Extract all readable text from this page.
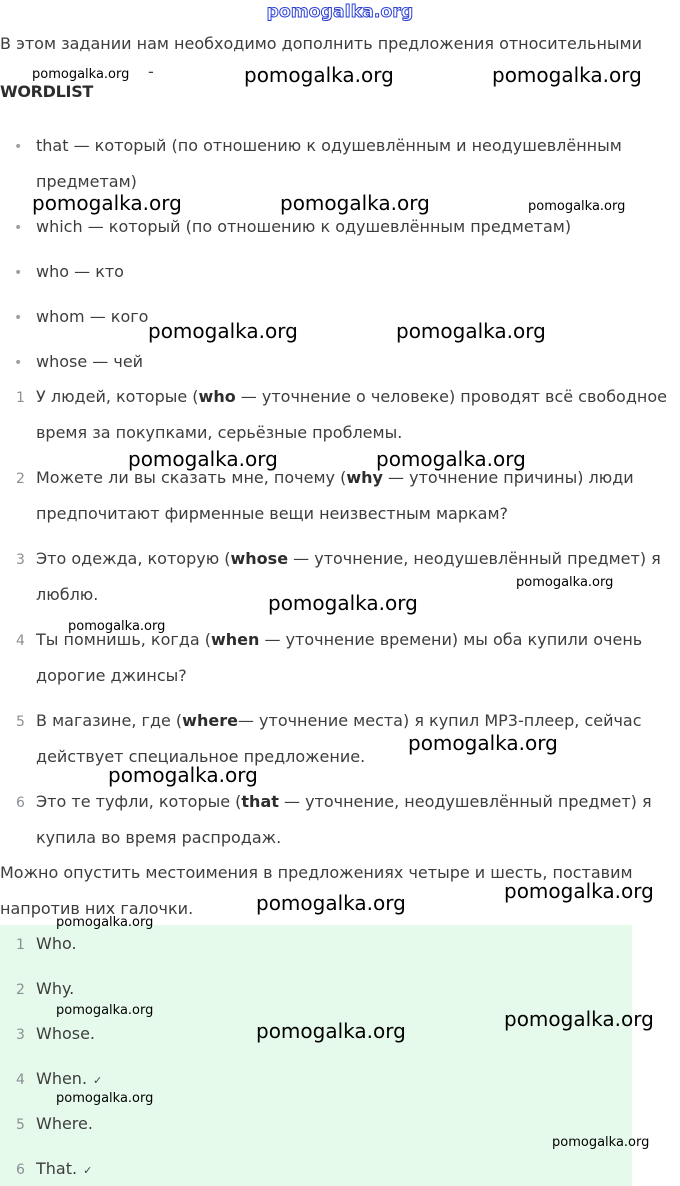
pomogalka.org
В этом задании нам необходимо дополнить предложения относительными
-
WORDLIST
• that — который (по отношению к одушевлённым и неодушевлённым
предметам)
• which — который (по отношению к одушевлённым предметам)
• who — кто
• whom — кого
• whose — чей
1 У людей, которые (who — уточнение о человеке) проводят всё свободное
время за покупками, серьёзные проблемы.
2 Можете ли вы сказать мне, почему (why — уточнение причины) люди
предпочитают фирменные вещи неизвестным маркам?
3 Это одежда, которую (whose — уточнение, неодушевлённый предмет) я
люблю.
4 Ты помнишь, когда (when — уточнение времени) мы оба купили очень
дорогие джинсы?
5 В магазине, где (where— уточнение места) я купил MP3-плеер, сейчас
действует специальное предложение.
6 Это те туфли, которые (that — уточнение, неодушевлённый предмет) я
купила во время распродаж.
Можно опустить местоимения в предложениях четыре и шесть, поставим
напротив них галочки.
1 Who.
2 Why.
3 Whose.
4 When. ✓
5 Where.
6 That. ✓
pomogalka.org	pomogalka.org	pomogalka.org
pomogalka.org	pomogalka.org	pomogalka.org
pomogalka.org	pomogalka.org
pomogalka.org	pomogalka.org
pomogalka.org
pomogalka.org
pomogalka.org
pomogalka.org
pomogalka.org
pomogalka.org
pomogalka.org
pomogalka.org
pomogalka.org	pomogalka.org
pomogalka.org
pomogalka.org
pomogalka.org
